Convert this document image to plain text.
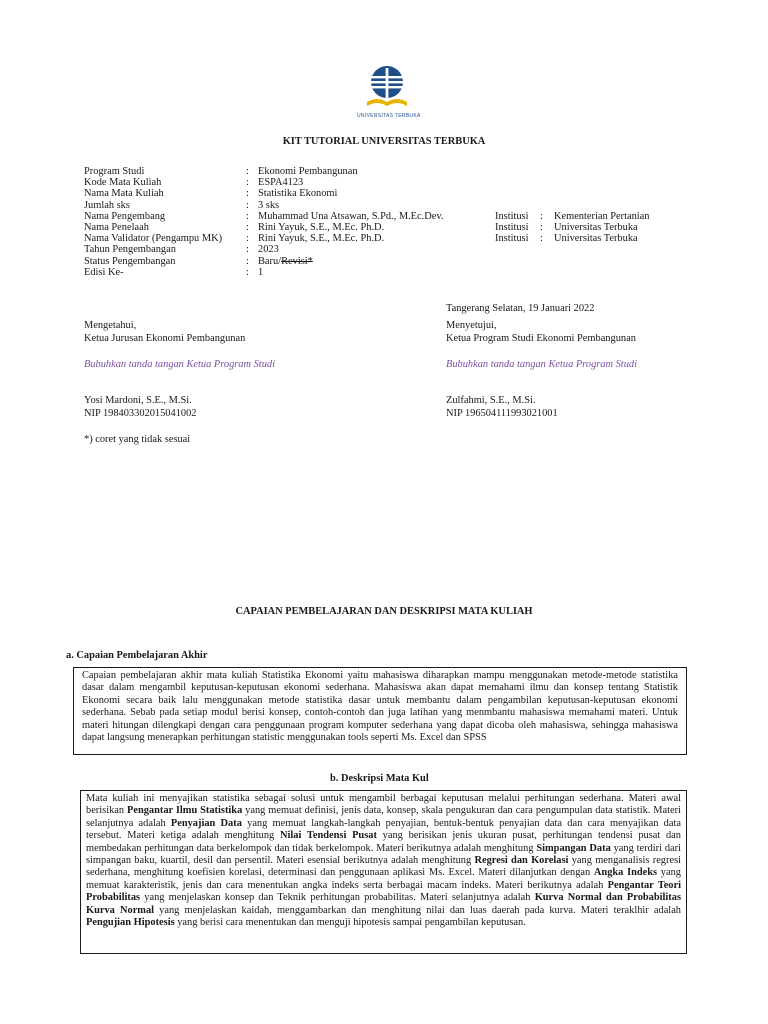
UNIVERSITAS TERBUKA
KIT TUTORIAL UNIVERSITAS TERBUKA
Program Studi	: Ekonomi Pembangunan
Kode Mata Kuliah	: ESPA4123
Nama Mata Kuliah	: Statistika Ekonomi
Jumlah sks	: 3 sks
Nama Pengembang	: Muhammad Una Atsawan, S.Pd., M.Ec.Dev.	Institusi : Kementerian Pertanian
Nama Penelaah	: Rini Yayuk, S.E., M.Ec. Ph.D.	Institusi : Universitas Terbuka
Nama Validator (Pengampu MK) : Rini Yayuk, S.E., M.Ec. Ph.D.	Institusi : Universitas Terbuka
Tahun Pengembangan	: 2023
Status Pengembangan	: Baru/Revisi*
Edisi Ke-	: 1
Tangerang Selatan, 19 Januari 2022
Mengetahui,
Ketua Jurusan Ekonomi Pembangunan
Bubuhkan tanda tangan Ketua Program Studi
Yosi Mardoni, S.E., M.Si.
NIP 198403302015041002
Menyetujui,
Ketua Program Studi Ekonomi Pembangunan
Bubuhkan tanda tangan Ketua Program Studi
Zulfahmi, S.E., M.Si.
NIP 196504111993021001
*) coret yang tidak sesuai
CAPAIAN PEMBELAJARAN DAN DESKRIPSI MATA KULIAH
a. Capaian Pembelajaran Akhir

Capaian pembelajaran akhir mata kuliah Statistika Ekonomi yaitu mahasiswa diharapkan mampu menggunakan metode-metode statistika dasar dalam mengambil keputusan-keputusan ekonomi sederhana. Mahasiswa akan dapat memahami ilmu dan konsep tentang Statistik Ekonomi secara baik lalu menggunakan metode statistika dasar untuk membantu dalam pengambilan keputusan-keputusan ekonomi sederhana. Sebab pada setiap modul berisi konsep, contoh-contoh dan juga latihan yang menmbantu mahasiswa memahami materi. Untuk materi hitungan dilengkapi dengan cara penggunaan program komputer sederhana yang dapat dicoba oleh mahasiswa, sehingga mahasiswa dapat langsung menerapkan perhitungan statistic menggunakan tools seperti Ms. Excel dan SPSS

b. Deskripsi Mata Kul

Mata kuliah ini menyajikan statistika sebagai solusi untuk mengambil berbagai keputusan melalui perhitungan sederhana. Materi awal berisikan Pengantar Ilmu Statistika yang memuat definisi, jenis data, konsep, skala pengukuran dan cara pengumpulan data statistik. Materi selanjutnya adalah Penyajian Data yang memuat langkah-langkah penyajian, bentuk-bentuk penyajian data dan cara menyajikan data tersebut. Materi ketiga adalah menghitung Nilai Tendensi Pusat yang berisikan jenis ukuran pusat, perhitungan tendensi pusat dan membedakan perhitungan data berkelompok dan tidak berkelompok. Materi berikutnya adalah menghitung Simpangan Data yang terdiri dari simpangan baku, kuartil, desil dan persentil. Materi esensial berikutnya adalah menghitung Regresi dan Korelasi yang menganalisis regresi sederhana, menghitung koefisien korelasi, determinasi dan penggunaan aplikasi Ms. Excel. Materi dilanjutkan dengan Angka Indeks yang memuat karakteristik, jenis dan cara menentukan angka indeks serta berbagai macam indeks. Materi berikutnya adalah Pengantar Teori Probabilitas yang menjelaskan konsep dan Teknik perhitungan probabilitas. Materi selanjutnya adalah Kurva Normal dan Probabilitas Kurva Normal yang menjelaskan kaidah, menggambarkan dan menghitung nilai dan luas daerah pada kurva. Materi teraklhir adalah Pengujian Hipotesis yang berisi cara menentukan dan menguji hipotesis sampai pengambilan keputusan.
